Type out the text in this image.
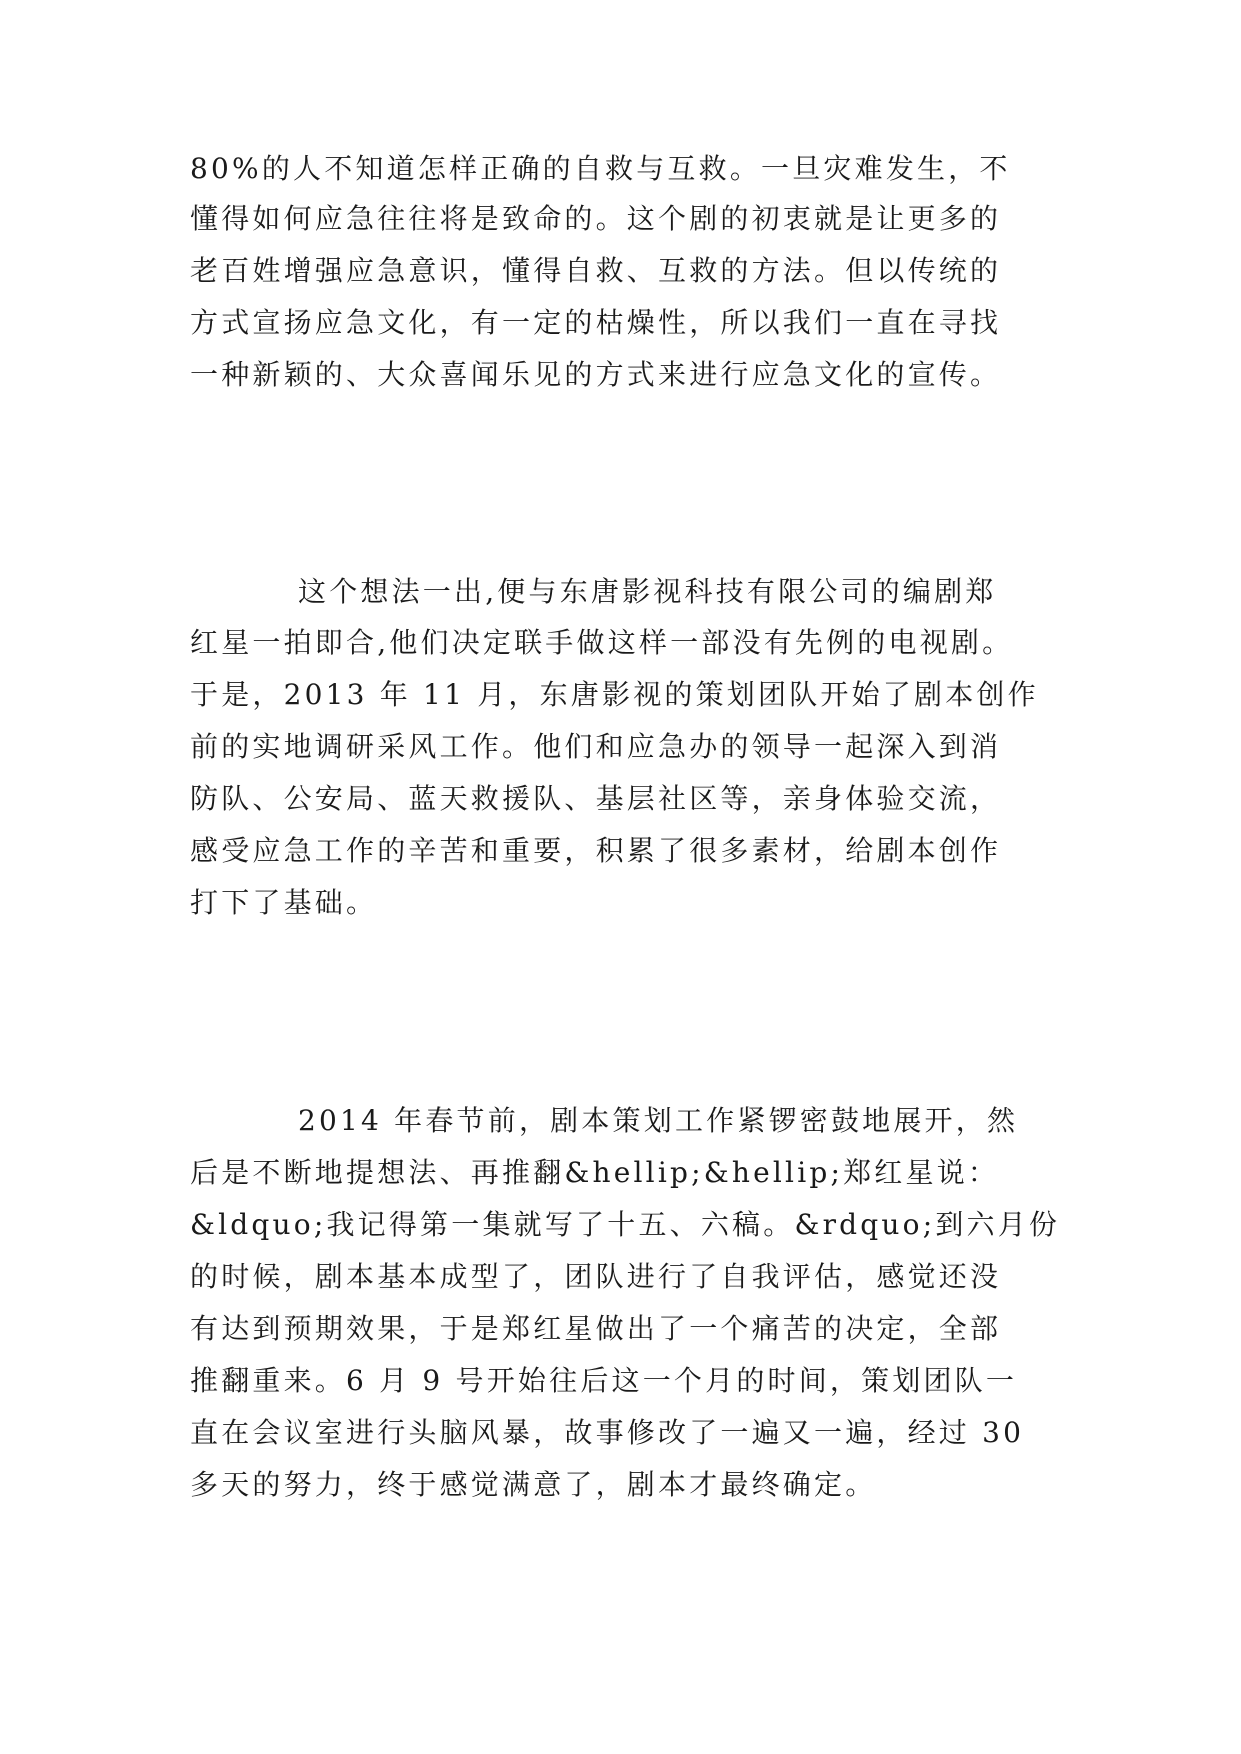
80%的人不知道怎样正确的自救与互救。一旦灾难发生，不
懂得如何应急往往将是致命的。这个剧的初衷就是让更多的
老百姓增强应急意识，懂得自救、互救的方法。但以传统的
方式宣扬应急文化，有一定的枯燥性，所以我们一直在寻找
一种新颖的、大众喜闻乐见的方式来进行应急文化的宣传。
这个想法一出,便与东唐影视科技有限公司的编剧郑
红星一拍即合,他们决定联手做这样一部没有先例的电视剧。
于是，2013 年 11 月，东唐影视的策划团队开始了剧本创作
前的实地调研采风工作。他们和应急办的领导一起深入到消
防队、公安局、蓝天救援队、基层社区等，亲身体验交流，
感受应急工作的辛苦和重要，积累了很多素材，给剧本创作
打下了基础。
2014 年春节前，剧本策划工作紧锣密鼓地展开，然
后是不断地提想法、再推翻&hellip;&hellip;郑红星说：
&ldquo;我记得第一集就写了十五、六稿。&rdquo;到六月份
的时候，剧本基本成型了，团队进行了自我评估，感觉还没
有达到预期效果，于是郑红星做出了一个痛苦的决定，全部
推翻重来。6 月 9 号开始往后这一个月的时间，策划团队一
直在会议室进行头脑风暴，故事修改了一遍又一遍，经过 30
多天的努力，终于感觉满意了，剧本才最终确定。
